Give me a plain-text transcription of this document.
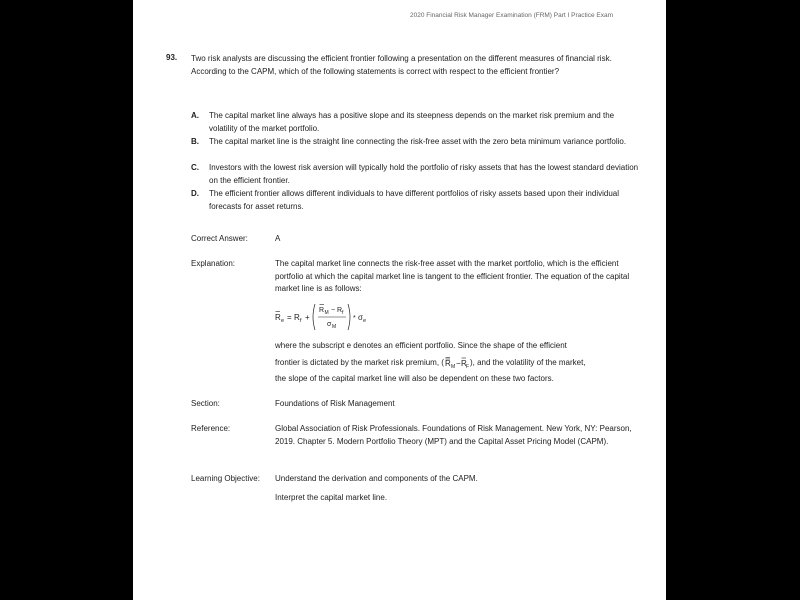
2020 Financial Risk Manager Examination (FRM) Part I Practice Exam
93. Two risk analysts are discussing the efficient frontier following a presentation on the different measures of financial risk. According to the CAPM, which of the following statements is correct with respect to the efficient frontier?
A. The capital market line always has a positive slope and its steepness depends on the market risk premium and the volatility of the market portfolio.
B. The capital market line is the straight line connecting the risk-free asset with the zero beta minimum variance portfolio.
C. Investors with the lowest risk aversion will typically hold the portfolio of risky assets that has the lowest standard deviation on the efficient frontier.
D. The efficient frontier allows different individuals to have different portfolios of risky assets based upon their individual forecasts for asset returns.
Correct Answer:	A
Explanation:	The capital market line connects the risk-free asset with the market portfolio, which is the efficient portfolio at which the capital market line is tangent to the efficient frontier. The equation of the capital market line is as follows:
R e = R f +
R M − R f
σ M
* σ e
where the subscript e denotes an efficient portfolio. Since the shape of the efficient
frontier is dictated by the market risk premium, ( R M − R F ), and the volatility of the market,
the slope of the capital market line will also be dependent on these two factors.
Section:	Foundations of Risk Management
Reference:	Global Association of Risk Professionals. Foundations of Risk Management. New York, NY: Pearson, 2019. Chapter 5. Modern Portfolio Theory (MPT) and the Capital Asset Pricing Model (CAPM).
Learning Objective: Understand the derivation and components of the CAPM.
Interpret the capital market line.
